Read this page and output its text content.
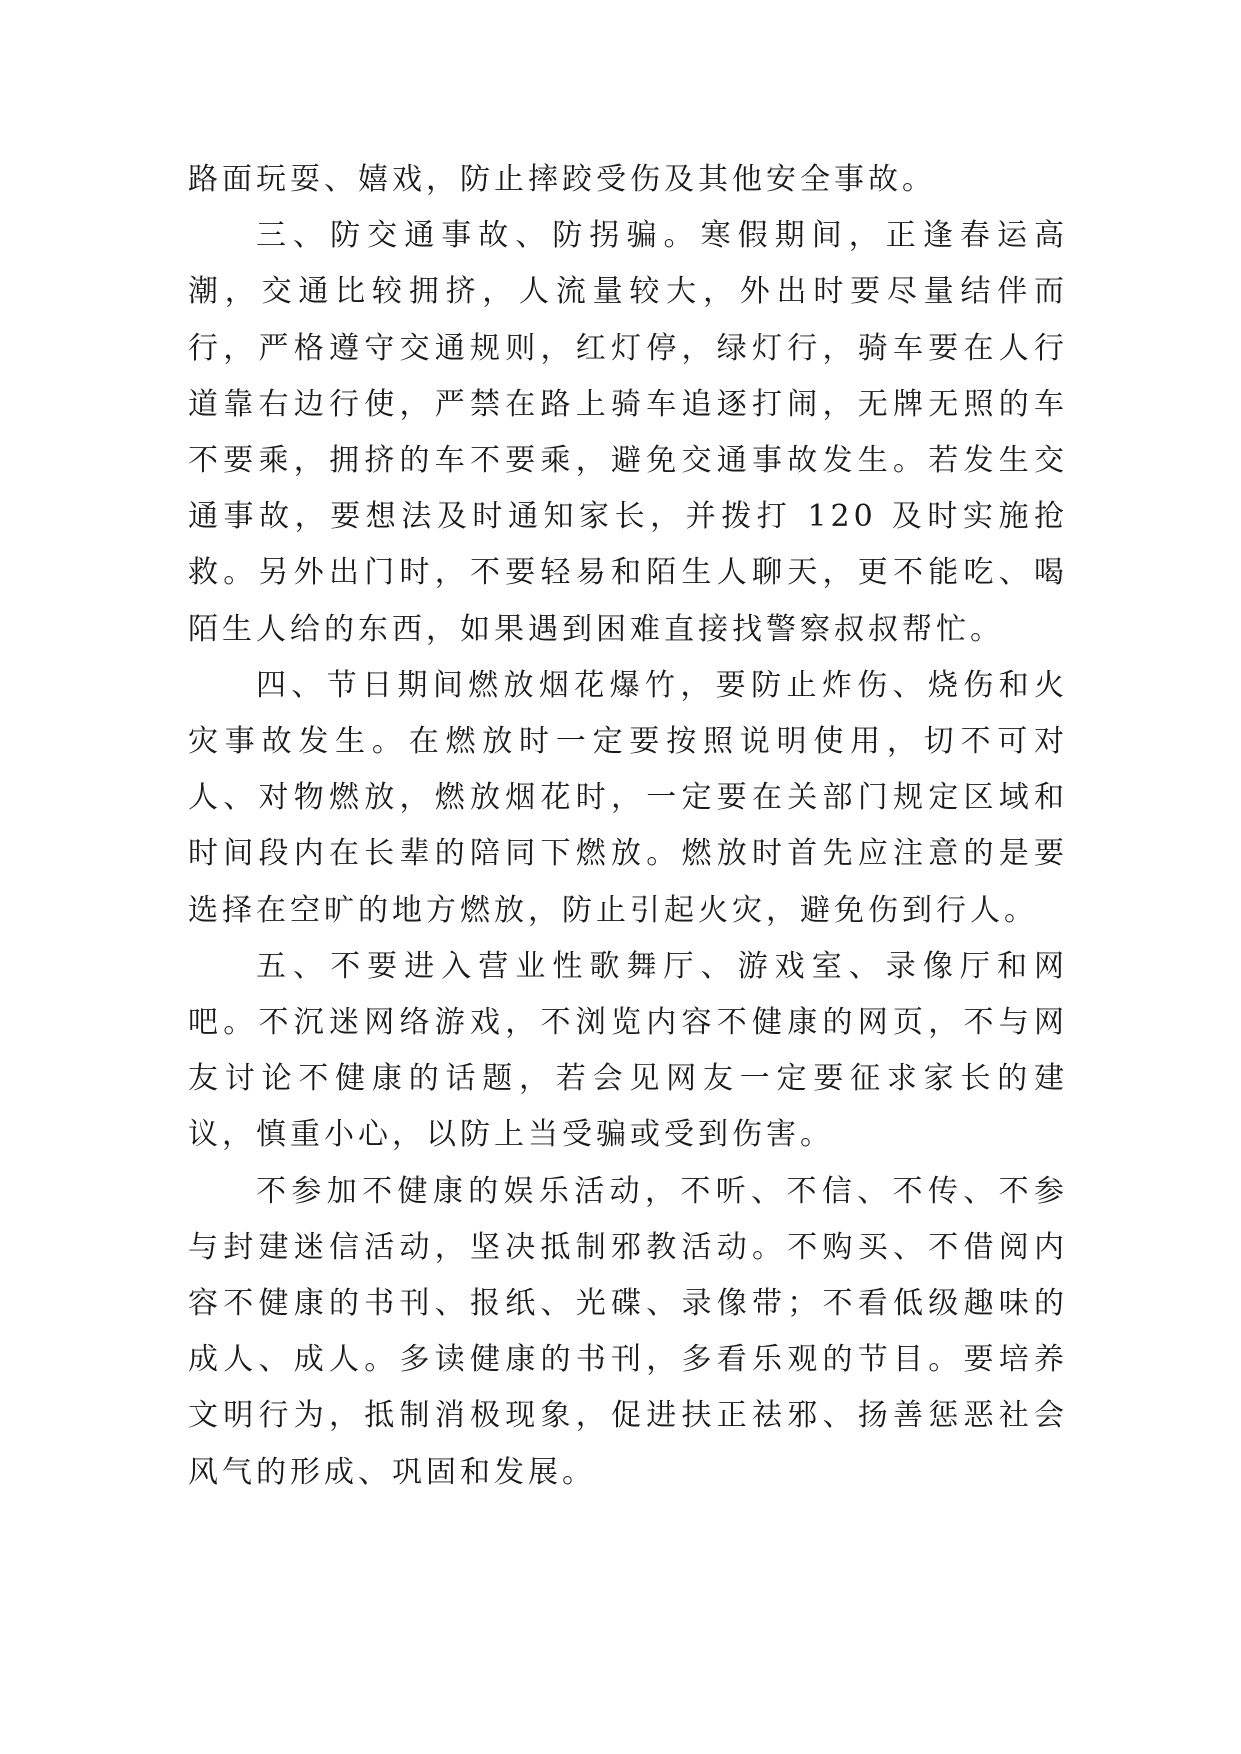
路面玩耍、嬉戏，防止摔跤受伤及其他安全事故。

三、防交通事故、防拐骗。寒假期间，正逢春运高潮，交通比较拥挤，人流量较大，外出时要尽量结伴而行，严格遵守交通规则，红灯停，绿灯行，骑车要在人行道靠右边行使，严禁在路上骑车追逐打闹，无牌无照的车不要乘，拥挤的车不要乘，避免交通事故发生。若发生交通事故，要想法及时通知家长，并拨打 120 及时实施抢救。另外出门时，不要轻易和陌生人聊天，更不能吃、喝陌生人给的东西，如果遇到困难直接找警察叔叔帮忙。

四、节日期间燃放烟花爆竹，要防止炸伤、烧伤和火灾事故发生。在燃放时一定要按照说明使用，切不可对人、对物燃放，燃放烟花时，一定要在关部门规定区域和时间段内在长辈的陪同下燃放。燃放时首先应注意的是要选择在空旷的地方燃放，防止引起火灾，避免伤到行人。

五、不要进入营业性歌舞厅、游戏室、录像厅和网吧。不沉迷网络游戏，不浏览内容不健康的网页，不与网友讨论不健康的话题，若会见网友一定要征求家长的建议，慎重小心，以防上当受骗或受到伤害。

不参加不健康的娱乐活动，不听、不信、不传、不参与封建迷信活动，坚决抵制邪教活动。不购买、不借阅内容不健康的书刊、报纸、光碟、录像带；不看低级趣味的成人、成人。多读健康的书刊，多看乐观的节目。要培养文明行为，抵制消极现象，促进扶正祛邪、扬善惩恶社会风气的形成、巩固和发展。
